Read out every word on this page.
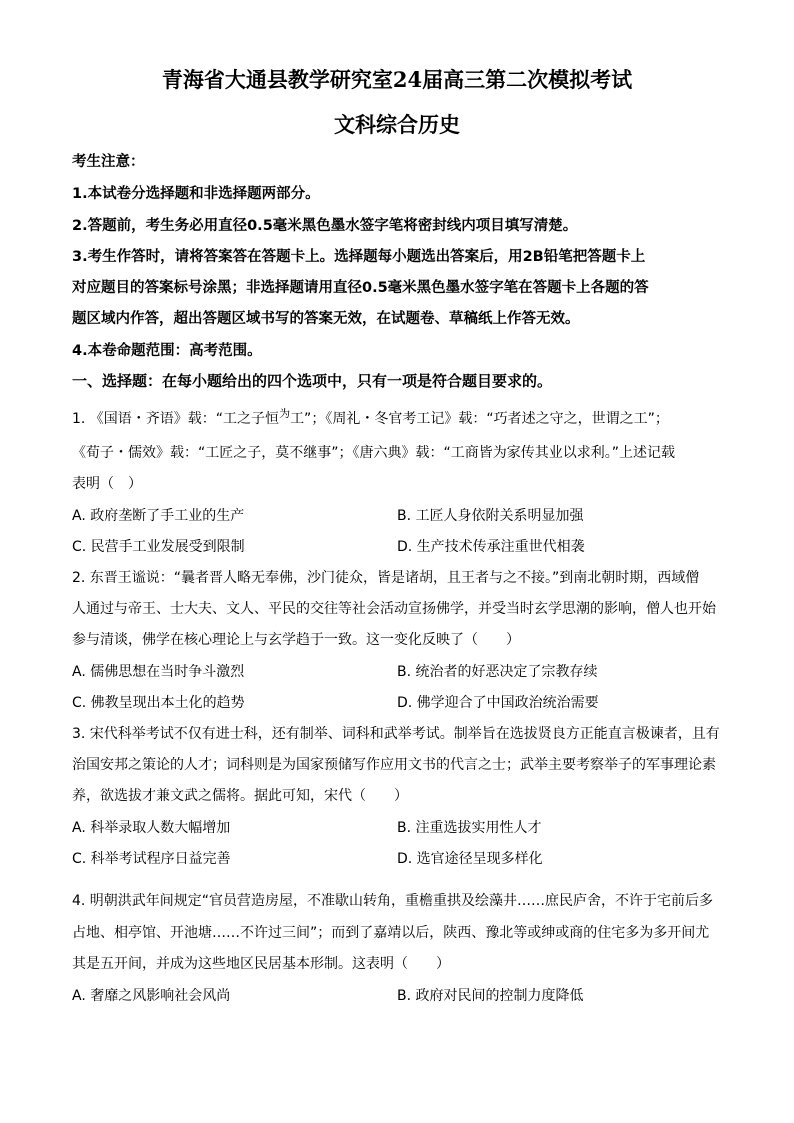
青海省大通县教学研究室24届高三第二次模拟考试
文科综合历史
考生注意：
1.本试卷分选择题和非选择题两部分。
2.答题前，考生务必用直径0.5毫米黑色墨水签字笔将密封线内项目填写清楚。
3.考生作答时，请将答案答在答题卡上。选择题每小题选出答案后，用2B铅笔把答题卡上
对应题目的答案标号涂黑；非选择题请用直径0.5毫米黑色墨水签字笔在答题卡上各题的答
题区域内作答，超出答题区域书写的答案无效，在试题卷、草稿纸上作答无效。
4.本卷命题范围：高考范围。
一、选择题：在每小题给出的四个选项中，只有一项是符合题目要求的。
1. 《国语・齐语》载：“工之子恒$^为$工”；《周礼・冬官考工记》载：“巧者述之守之，世谓之工”；
《荀子・儒效》载：“工匠之子，莫不继事”；《唐六典》载：“工商皆为家传其业以求利。”上述记载
表明（　）
A. 政府垄断了手工业的生产	B. 工匠人身依附关系明显加强
C. 民营手工业发展受到限制	D. 生产技术传承注重世代相袭
2. 东晋王谧说：“曩者晋人略无奉佛，沙门徒众，皆是诸胡，且王者与之不接。”到南北朝时期，西域僧
人通过与帝王、士大夫、文人、平民的交往等社会活动宣扬佛学，并受当时玄学思潮的影响，僧人也开始
参与清谈，佛学在核心理论上与玄学趋于一致。这一变化反映了（　　）
A. 儒佛思想在当时争斗激烈	B. 统治者的好恶决定了宗教存续
C. 佛教呈现出本土化的趋势	D. 佛学迎合了中国政治统治需要
3. 宋代科举考试不仅有进士科，还有制举、词科和武举考试。制举旨在选拔贤良方正能直言极谏者，且有
治国安邦之策论的人才；词科则是为国家预储写作应用文书的代言之士；武举主要考察举子的军事理论素
养，欲选拔才兼文武之儒将。据此可知，宋代（　　）
A. 科举录取人数大幅增加	B. 注重选拔实用性人才
C. 科举考试程序日益完善	D. 选官途径呈现多样化
4. 明朝洪武年间规定“官员营造房屋，不准歇山转角，重檐重拱及绘藻井……庶民庐舍，不许于宅前后多
占地、相亭馆、开池塘……不许过三间”；而到了嘉靖以后，陕西、豫北等或绅或商的住宅多为多开间尤
其是五开间，并成为这些地区民居基本形制。这表明（　　）
A. 奢靡之风影响社会风尚	B. 政府对民间的控制力度降低
